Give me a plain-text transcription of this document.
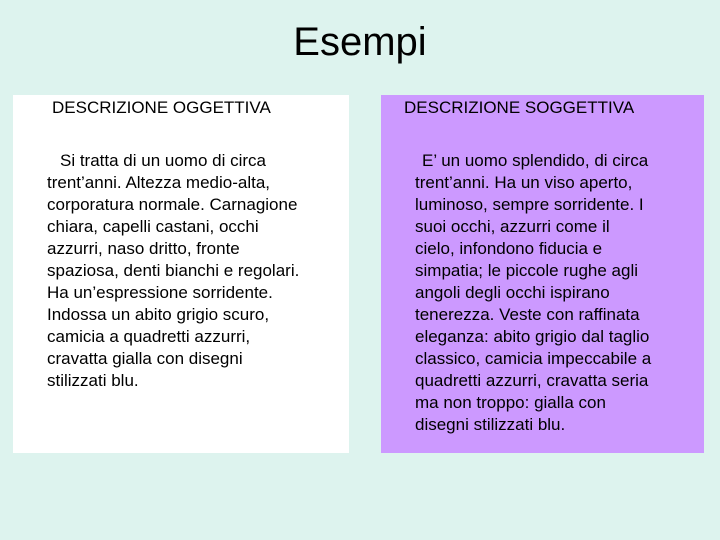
Esempi
DESCRIZIONE OGGETTIVA
Si tratta di un uomo di circa
trent’anni. Altezza medio-alta,
corporatura normale. Carnagione
chiara, capelli castani, occhi
azzurri, naso dritto, fronte
spaziosa, denti bianchi e regolari.
Ha un’espressione sorridente.
Indossa un abito grigio scuro,
camicia a quadretti azzurri,
cravatta gialla con disegni
stilizzati blu.
DESCRIZIONE SOGGETTIVA
E’ un uomo splendido, di circa
trent’anni. Ha un viso aperto,
luminoso, sempre sorridente. I
suoi occhi, azzurri come il
cielo, infondono fiducia e
simpatia; le piccole rughe agli
angoli degli occhi ispirano
tenerezza. Veste con raffinata
eleganza: abito grigio dal taglio
classico, camicia impeccabile a
quadretti azzurri, cravatta seria
ma non troppo: gialla con
disegni stilizzati blu.
